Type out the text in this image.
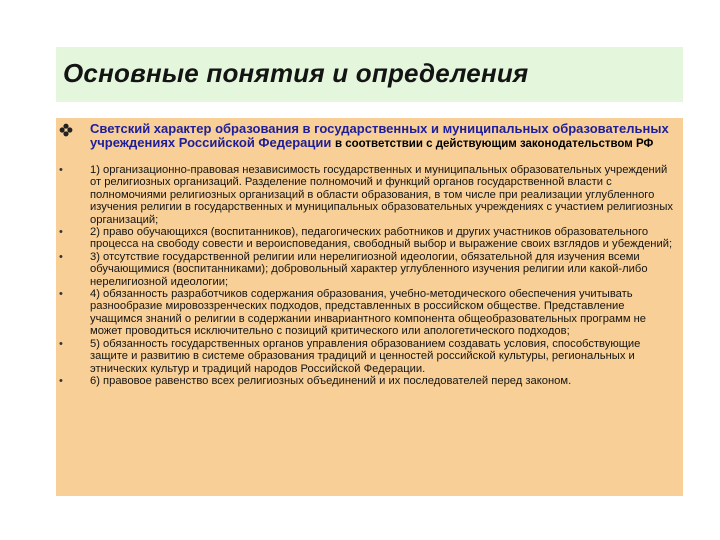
Основные понятия и определения
Светский характер образования в государственных и муниципальных образовательных учреждениях Российской Федерации в соответствии с действующим законодательством РФ
• 1) организационно-правовая независимость государственных и муниципальных образовательных учреждений от религиозных организаций. Разделение полномочий и функций органов государственной власти с полномочиями религиозных организаций в области образования, в том числе при реализации углубленного изучения религии в государственных и муниципальных образовательных учреждениях с участием религиозных организаций;
• 2) право обучающихся (воспитанников), педагогических работников и других участников образовательного процесса на свободу совести и вероисповедания, свободный выбор и выражение своих взглядов и убеждений;
• 3) отсутствие государственной религии или нерелигиозной идеологии, обязательной для изучения всеми обучающимися (воспитанниками); добровольный характер углубленного изучения религии или какой-либо нерелигиозной идеологии;
• 4) обязанность разработчиков содержания образования, учебно-методического обеспечения учитывать разнообразие мировоззренческих подходов, представленных в российском обществе. Представление учащимся знаний о религии в содержании инвариантного компонента общеобразовательных программ не может проводиться исключительно с позиций критического или апологетического подходов;
• 5) обязанность государственных органов управления образованием создавать условия, способствующие защите и развитию в системе образования традиций и ценностей российской культуры, региональных и этнических культур и традиций народов Российской Федерации.
• 6) правовое равенство всех религиозных объединений и их последователей перед законом.
